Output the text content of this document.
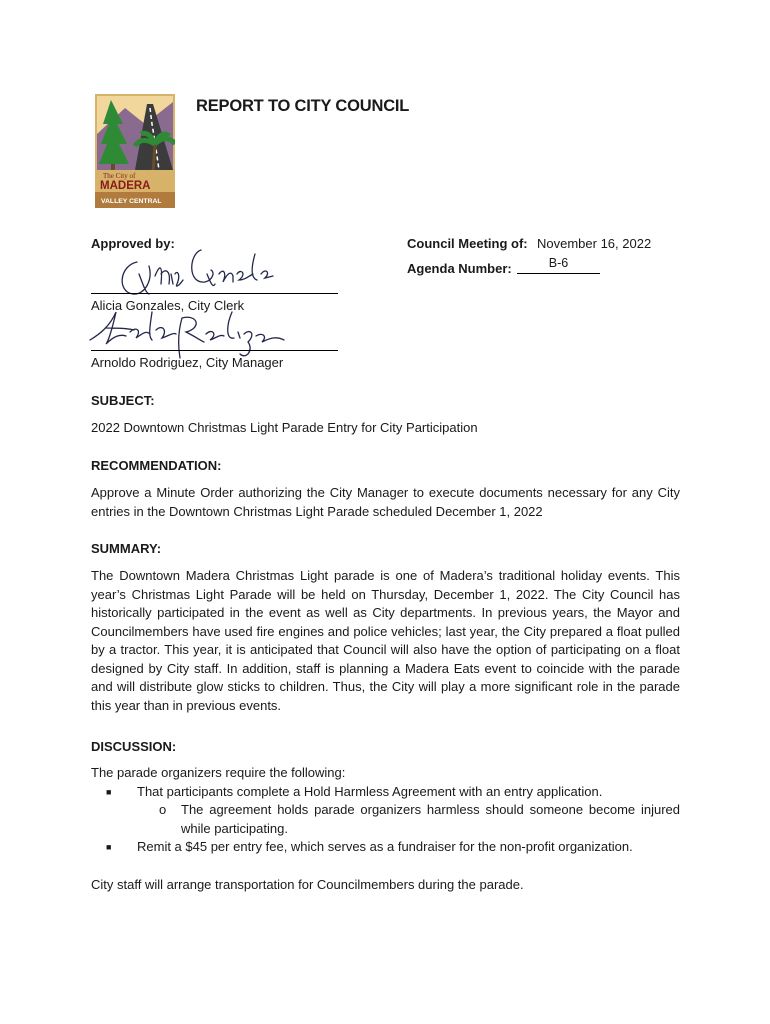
The City of
MADERA
VALLEY CENTRAL
REPORT TO CITY COUNCIL
Approved by:
Alicia Gonzales, City Clerk
Arnoldo Rodriguez, City Manager
Council Meeting of: November 16, 2022
Agenda Number:	B-6
SUBJECT:

2022 Downtown Christmas Light Parade Entry for City Participation

RECOMMENDATION:

Approve a Minute Order authorizing the City Manager to execute documents necessary for any City entries in the Downtown Christmas Light Parade scheduled December 1, 2022

SUMMARY:

The Downtown Madera Christmas Light parade is one of Madera’s traditional holiday events. This year’s Christmas Light Parade will be held on Thursday, December 1, 2022. The City Council has historically participated in the event as well as City departments. In previous years, the Mayor and Councilmembers have used fire engines and police vehicles; last year, the City prepared a float pulled by a tractor. This year, it is anticipated that Council will also have the option of participating on a float designed by City staff. In addition, staff is planning a Madera Eats event to coincide with the parade and will distribute glow sticks to children. Thus, the City will play a more significant role in the parade this year than in previous events.

DISCUSSION:
The parade organizers require the following:
■ That participants complete a Hold Harmless Agreement with an entry application.
o The agreement holds parade organizers harmless should someone become injured while participating.
■ Remit a $45 per entry fee, which serves as a fundraiser for the non-profit organization.

City staff will arrange transportation for Councilmembers during the parade.
